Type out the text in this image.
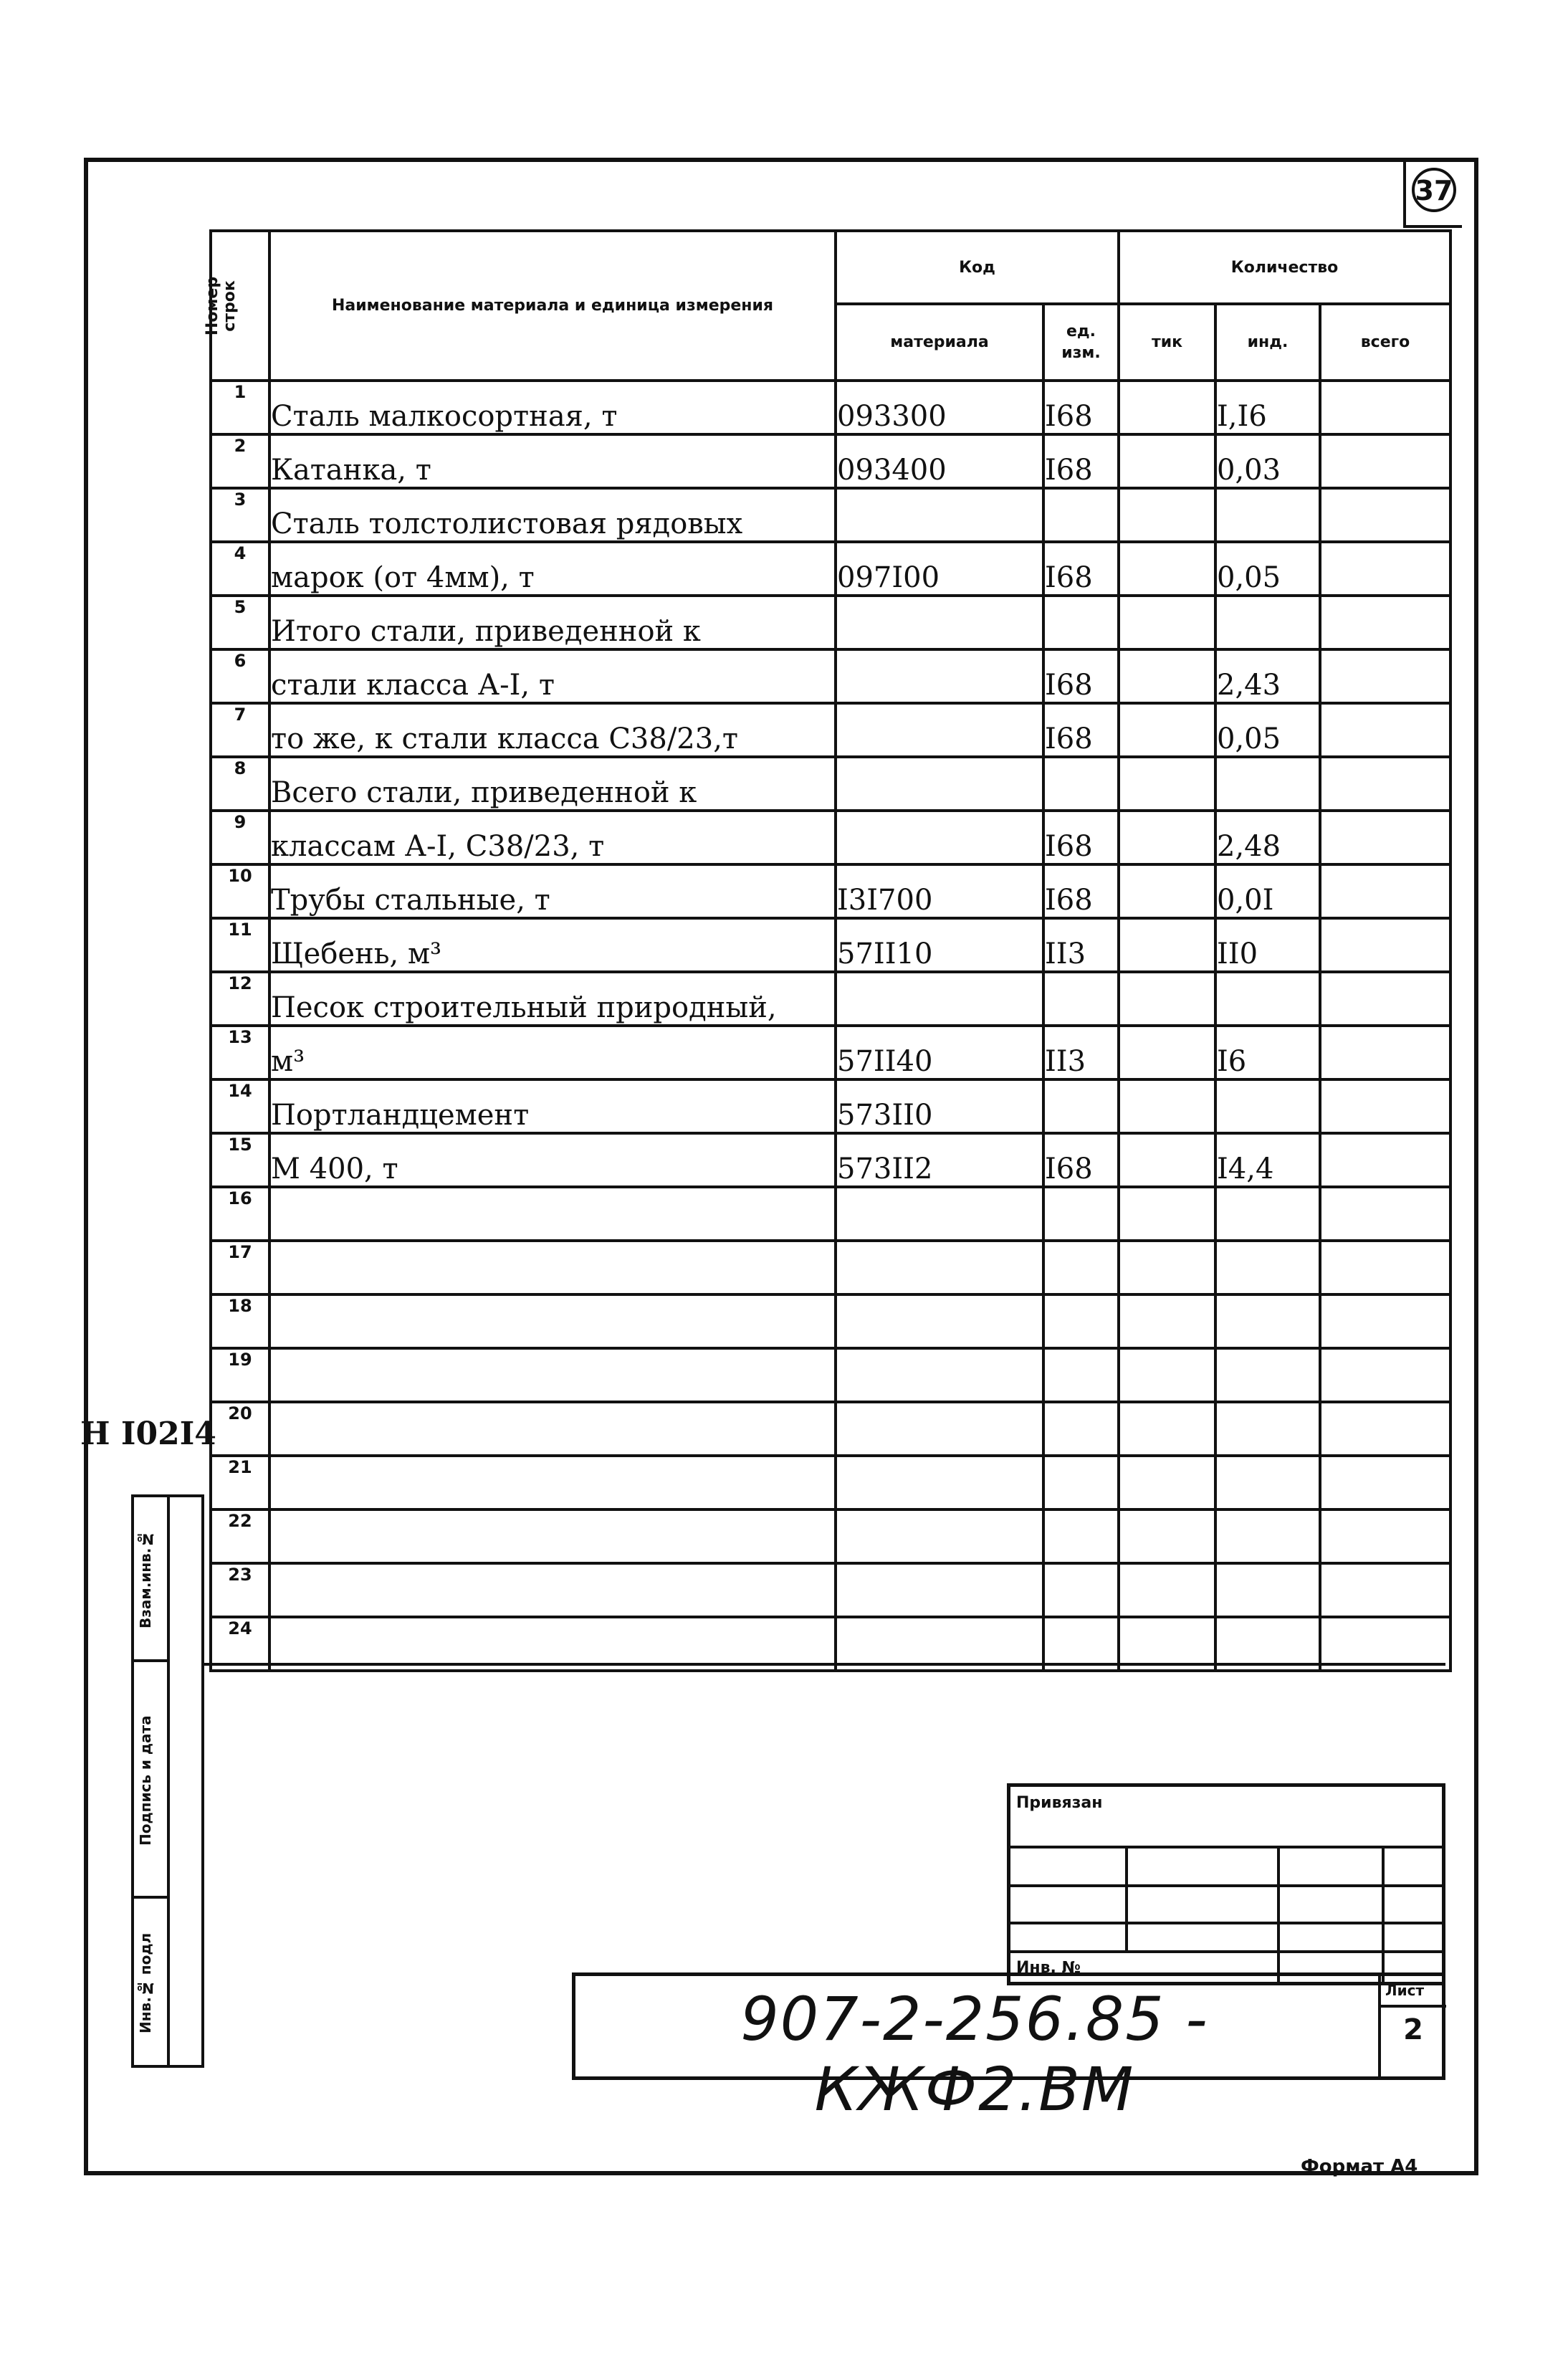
37
Номер строк	Наименование материала и единица измерения	Код		Количество		
		материала	ед. изм.	тик	инд.	всего
1	Сталь малкосортная, т	093300	I68		I,I6	
2	Катанка, т	093400	I68		0,03	
3	Сталь толстолистовая рядовых					
4	марок (от 4мм), т	097I00	I68		0,05	
5	Итого стали, приведенной к					
6	стали класса А-I, т		I68		2,43	
7	то же, к стали класса С38/23,т		I68		0,05	
8	Всего стали, приведенной к					
9	классам А-I, С38/23, т		I68		2,48	
10	Трубы стальные, т	I3I700	I68		0,0I	
11	Щебень, м³	57II10	II3		II0	
12	Песок строительный природный,					
13	м³	57II40	II3		I6	
14	Портландцемент	573II0				
15	М 400, т	573II2	I68		I4,4	
16						
17						
18						
19						
20						
21						
22						
23						
24						
Н I02I4
Взам.инв.№
Подпись и дата
Инв.№ подл
Привязан
Инв. №
Лист
2
907-2-256.85 - КЖФ2.ВМ
Формат А4
